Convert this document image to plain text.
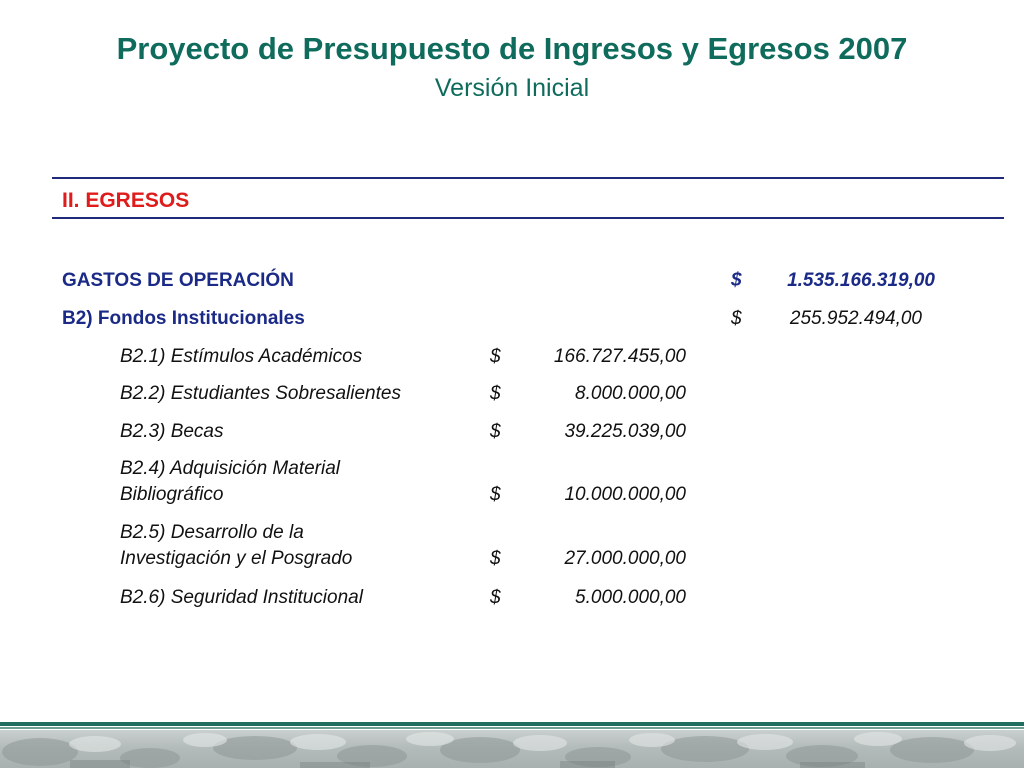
Proyecto de Presupuesto de Ingresos y Egresos 2007
Versión Inicial
II. EGRESOS
GASTOS DE OPERACIÓN	$	1.535.166.319,00
B2) Fondos Institucionales	$	255.952.494,00
B2.1) Estímulos Académicos	$	166.727.455,00
B2.2) Estudiantes Sobresalientes	$	8.000.000,00
B2.3) Becas	$	39.225.039,00
B2.4) Adquisición Material
Bibliográfico	$	10.000.000,00
B2.5) Desarrollo de la
Investigación y el Posgrado	$	27.000.000,00
B2.6) Seguridad Institucional	$	5.000.000,00
